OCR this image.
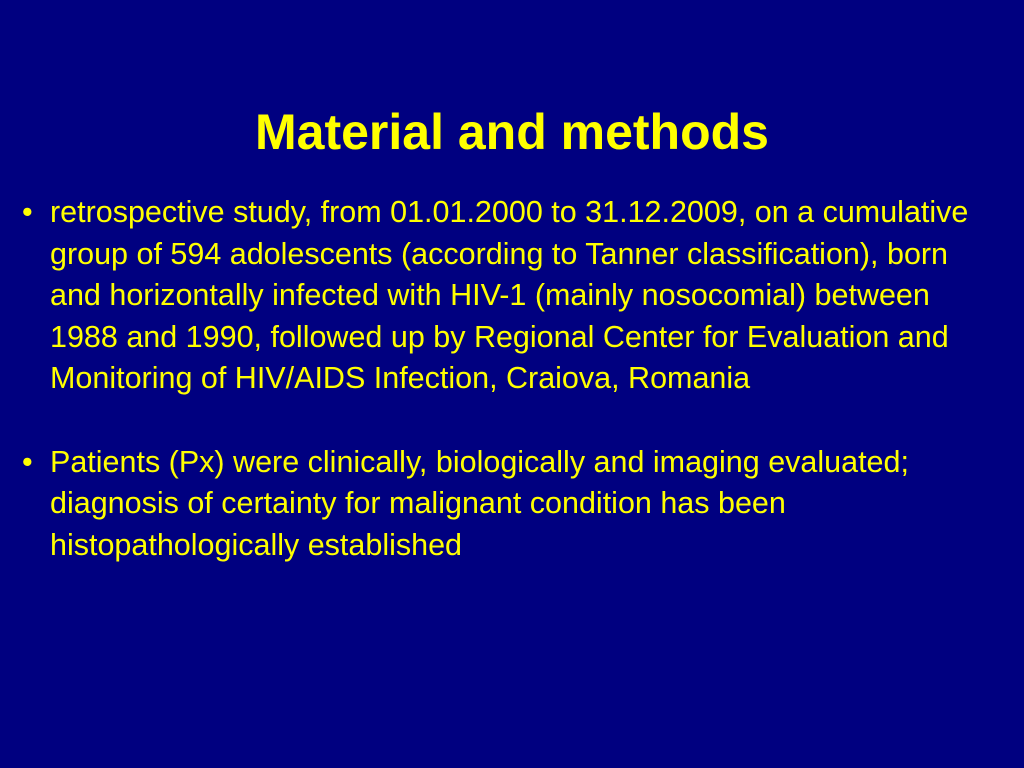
Material and methods
• retrospective study, from 01.01.2000 to 31.12.2009, on a cumulative group of 594 adolescents (according to Tanner classification), born and horizontally infected with HIV-1 (mainly nosocomial) between 1988 and 1990, followed up by Regional Center for Evaluation and Monitoring of HIV/AIDS Infection, Craiova, Romania
• Patients (Px) were clinically, biologically and imaging evaluated; diagnosis of certainty for malignant condition has been histopathologically established
